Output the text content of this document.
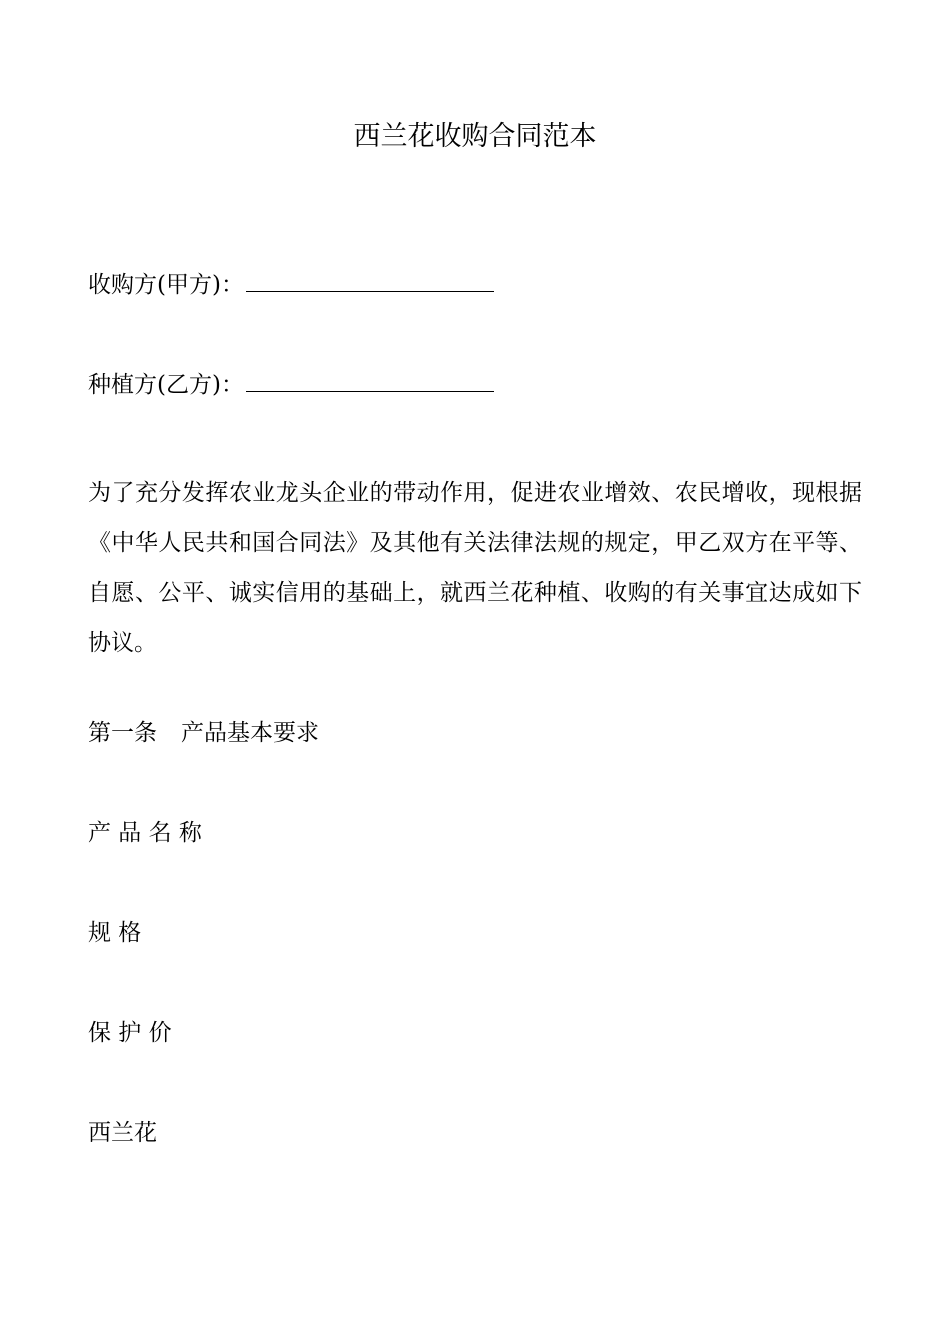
西兰花收购合同范本

收购方(甲方)：

种植方(乙方)：

为了充分发挥农业龙头企业的带动作用，促进农业增效、农民增收，现根据《中华人民共和国合同法》及其他有关法律法规的规定，甲乙双方在平等、自愿、公平、诚实信用的基础上，就西兰花种植、收购的有关事宜达成如下协议。

第一条 产品基本要求

产 品 名 称

规 格

保 护 价

西兰花
